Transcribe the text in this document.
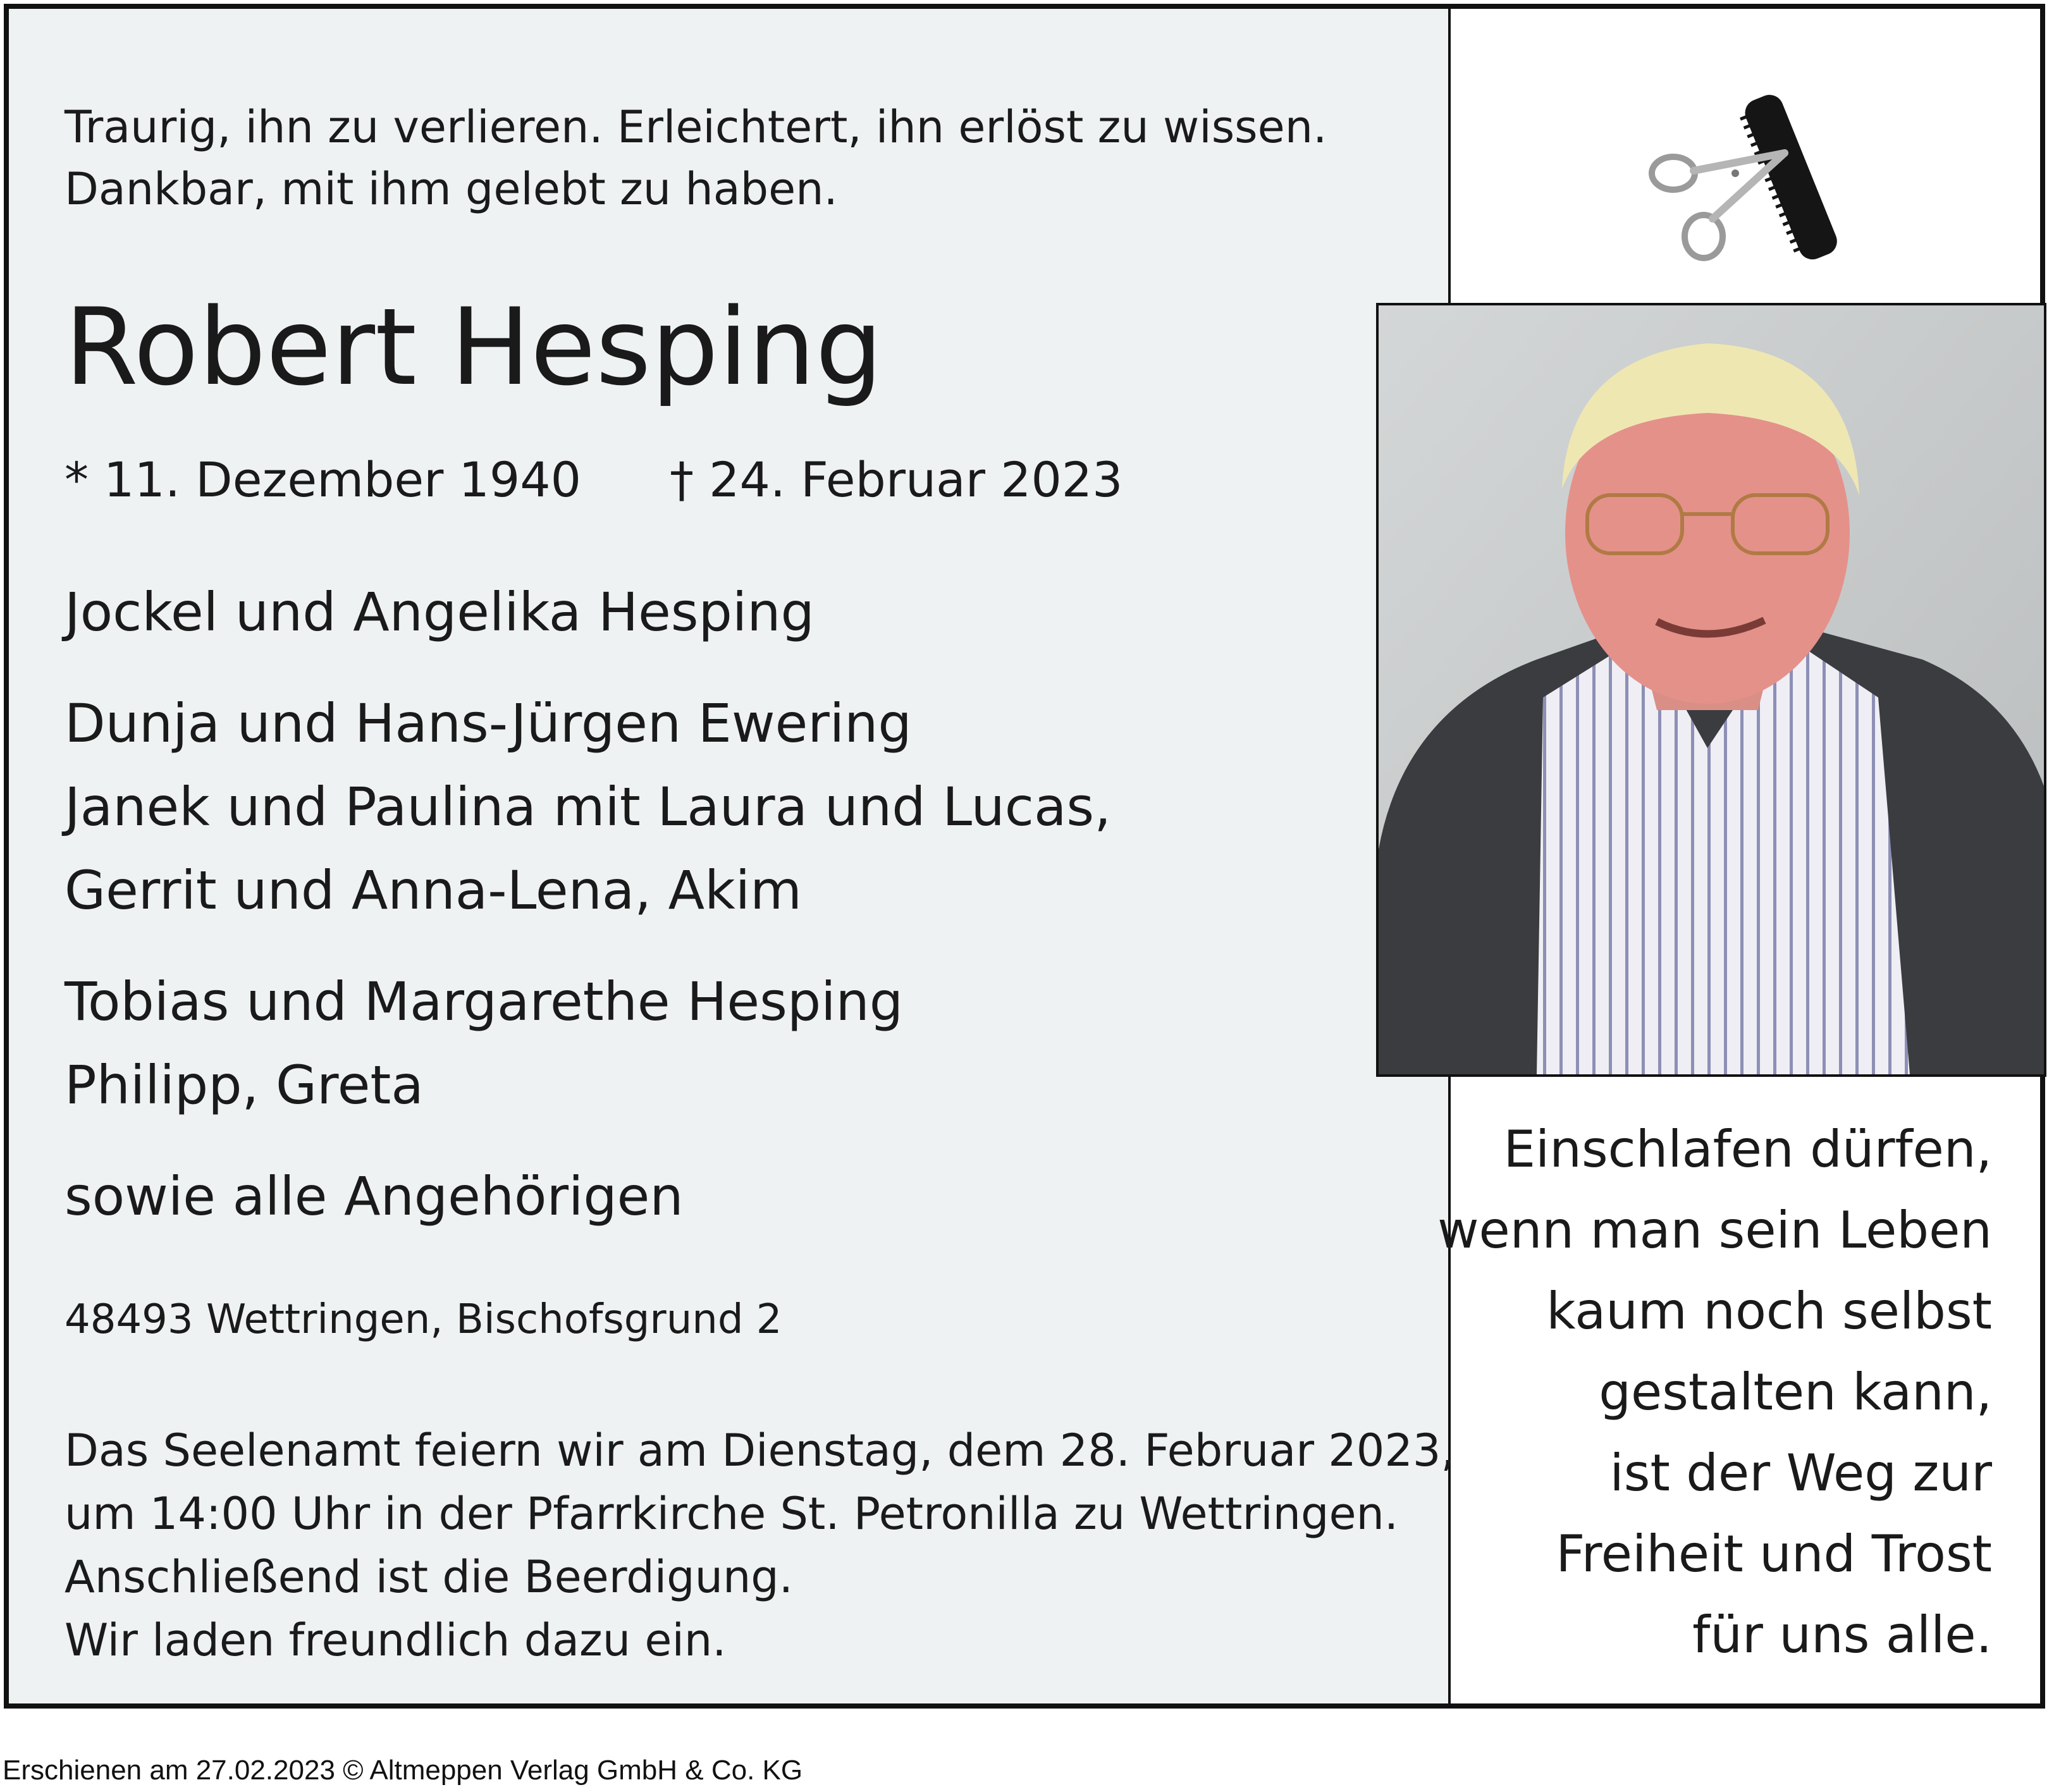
Traurig, ihn zu verlieren. Erleichtert, ihn erlöst zu wissen.
Dankbar, mit ihm gelebt zu haben.
Robert Hesping
* 11. Dezember 1940 † 24. Februar 2023
Jockel und Angelika Hesping
Dunja und Hans-Jürgen Ewering
Janek und Paulina mit Laura und Lucas,
Gerrit und Anna-Lena, Akim
Tobias und Margarethe Hesping
Philipp, Greta
sowie alle Angehörigen
48493 Wettringen, Bischofsgrund 2
Das Seelenamt feiern wir am Dienstag, dem 28. Februar 2023,
um 14:00 Uhr in der Pfarrkirche St. Petronilla zu Wettringen.
Anschließend ist die Beerdigung.
Wir laden freundlich dazu ein.
Einschlafen dürfen,
wenn man sein Leben
kaum noch selbst
gestalten kann,
ist der Weg zur
Freiheit und Trost
für uns alle.
Erschienen am 27.02.2023 © Altmeppen Verlag GmbH & Co. KG
